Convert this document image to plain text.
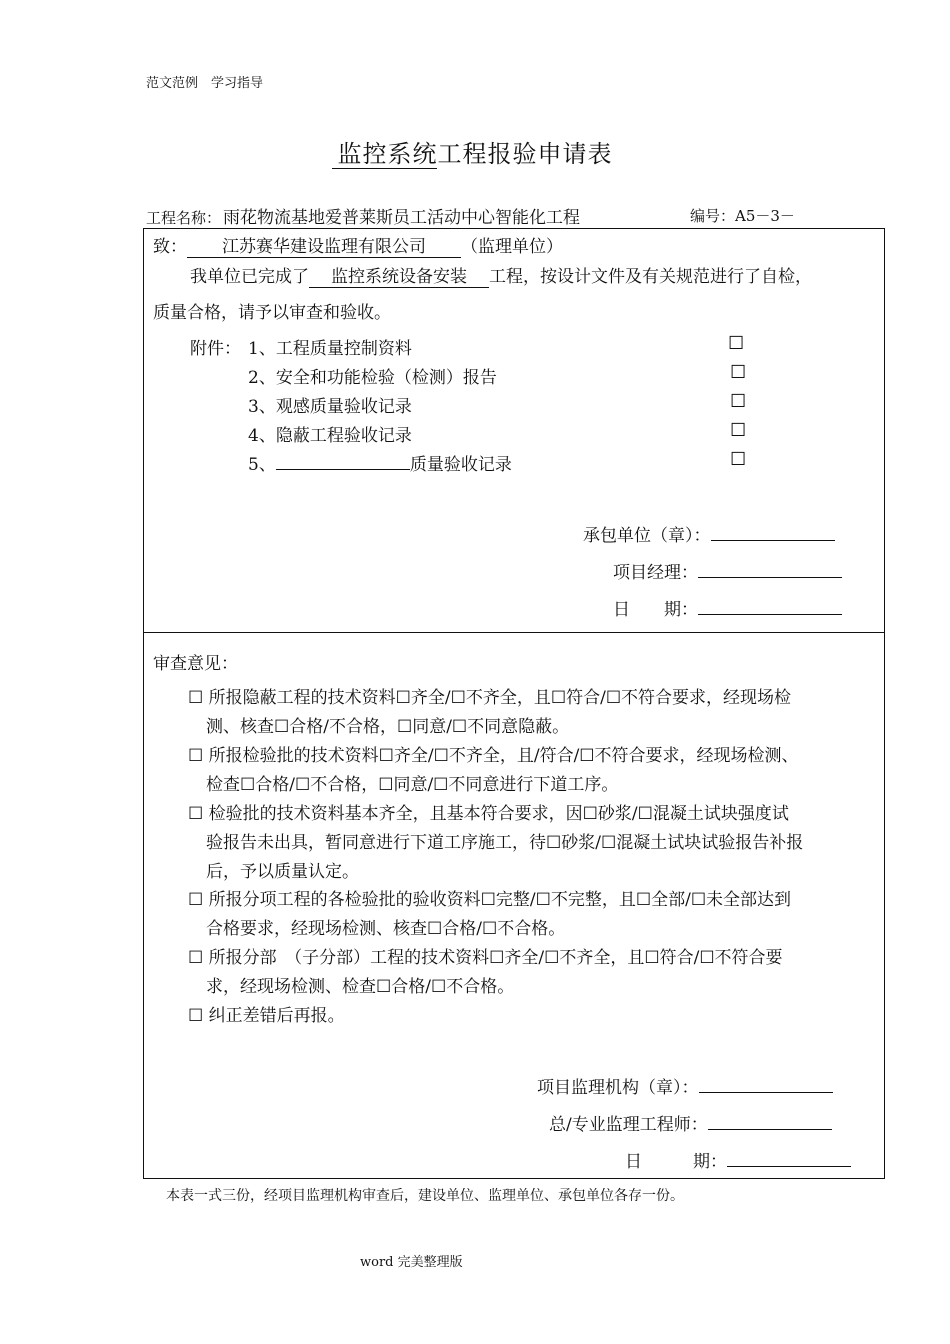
范文范例　学习指导
监控系统工程报验申请表
工程名称： 雨花物流基地爱普莱斯员工活动中心智能化工程	编号：A5－3－
致： 江苏赛华建设监理有限公司 （监理单位）
我单位已完成了 监控系统设备安装 工程，按设计文件及有关规范进行了自检，
质量合格，请予以审查和验收。
附件： 1、工程质量控制资料	☐
2、安全和功能检验（检测）报告	☐
3、观感质量验收记录	☐
4、隐蔽工程验收记录	☐
5、	质量验收记录	☐
承包单位（章）：
项目经理：
日　　期：
审查意见：
☐ 所报隐蔽工程的技术资料☐齐全/☐不齐全，且☐符合/☐不符合要求，经现场检
测、核查☐合格/不合格，☐同意/☐不同意隐蔽。
☐ 所报检验批的技术资料☐齐全/☐不齐全，且/符合/☐不符合要求，经现场检测、
检查☐合格/☐不合格，☐同意/☐不同意进行下道工序。
☐ 检验批的技术资料基本齐全，且基本符合要求，因☐砂浆/☐混凝土试块强度试
验报告未出具，暂同意进行下道工序施工，待☐砂浆/☐混凝土试块试验报告补报
后，予以质量认定。
☐ 所报分项工程的各检验批的验收资料☐完整/☐不完整，且☐全部/☐未全部达到
合格要求，经现场检测、核查☐合格/☐不合格。
☐ 所报分部　（子分部）工程的技术资料☐齐全/☐不齐全，且☐符合/☐不符合要
求，经现场检测、检查☐合格/☐不合格。
☐ 纠正差错后再报。
项目监理机构（章）：
总/专业监理工程师：
日　　　期：
本表一式三份，经项目监理机构审查后，建设单位、监理单位、承包单位各存一份。
word 完美整理版
